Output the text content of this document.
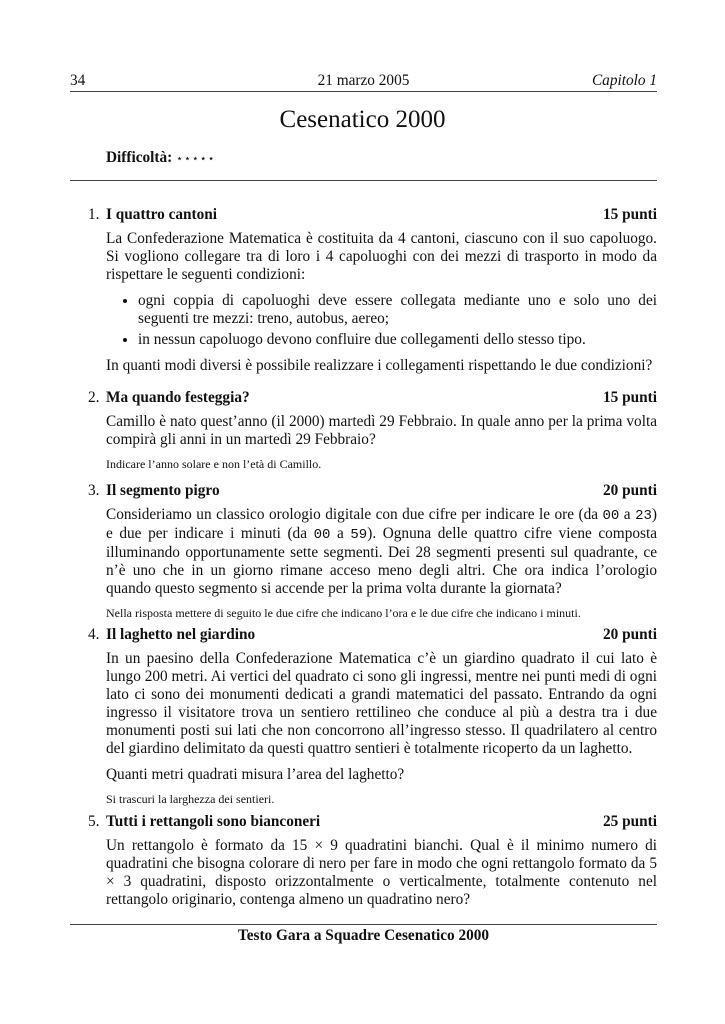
34	21 marzo 2005	Capitolo 1
Cesenatico 2000
Difficoltà: ⋆⋆⋆⋆⋆
1. I quattro cantoni	15 punti

La Confederazione Matematica è costituita da 4 cantoni, ciascuno con il suo capoluogo. Si vogliono collegare tra di loro i 4 capoluoghi con dei mezzi di trasporto in modo da rispettare le seguenti condizioni:

• ogni coppia di capoluoghi deve essere collegata mediante uno e solo uno dei seguenti tre mezzi: treno, autobus, aereo;
• in nessun capoluogo devono confluire due collegamenti dello stesso tipo.

In quanti modi diversi è possibile realizzare i collegamenti rispettando le due condizioni?

2. Ma quando festeggia?	15 punti

Camillo è nato quest’anno (il 2000) martedì 29 Febbraio. In quale anno per la prima volta compirà gli anni in un martedì 29 Febbraio?

Indicare l’anno solare e non l’età di Camillo.
3. Il segmento pigro	20 punti

Consideriamo un classico orologio digitale con due cifre per indicare le ore (da 00 a 23) e due per indicare i minuti (da 00 a 59). Ognuna delle quattro cifre viene composta illuminando opportunamente sette segmenti. Dei 28 segmenti presenti sul quadrante, ce n’è uno che in un giorno rimane acceso meno degli altri. Che ora indica l’orologio quando questo segmento si accende per la prima volta durante la giornata?

Nella risposta mettere di seguito le due cifre che indicano l’ora e le due cifre che indicano i minuti.
4. Il laghetto nel giardino	20 punti

In un paesino della Confederazione Matematica c’è un giardino quadrato il cui lato è lungo 200 metri. Ai vertici del quadrato ci sono gli ingressi, mentre nei punti medi di ogni lato ci sono dei monumenti dedicati a grandi matematici del passato. Entrando da ogni ingresso il visitatore trova un sentiero rettilineo che conduce al più a destra tra i due monumenti posti sui lati che non concorrono all’ingresso stesso. Il quadrilatero al centro del giardino delimitato da questi quattro sentieri è totalmente ricoperto da un laghetto.

Quanti metri quadrati misura l’area del laghetto?

Si trascuri la larghezza dei sentieri.
5. Tutti i rettangoli sono bianconeri	25 punti

Un rettangolo è formato da 15 × 9 quadratini bianchi. Qual è il minimo numero di quadratini che bisogna colorare di nero per fare in modo che ogni rettangolo formato da 5 × 3 quadratini, disposto orizzontalmente o verticalmente, totalmente contenuto nel rettangolo originario, contenga almeno un quadratino nero?

Testo Gara a Squadre Cesenatico 2000
